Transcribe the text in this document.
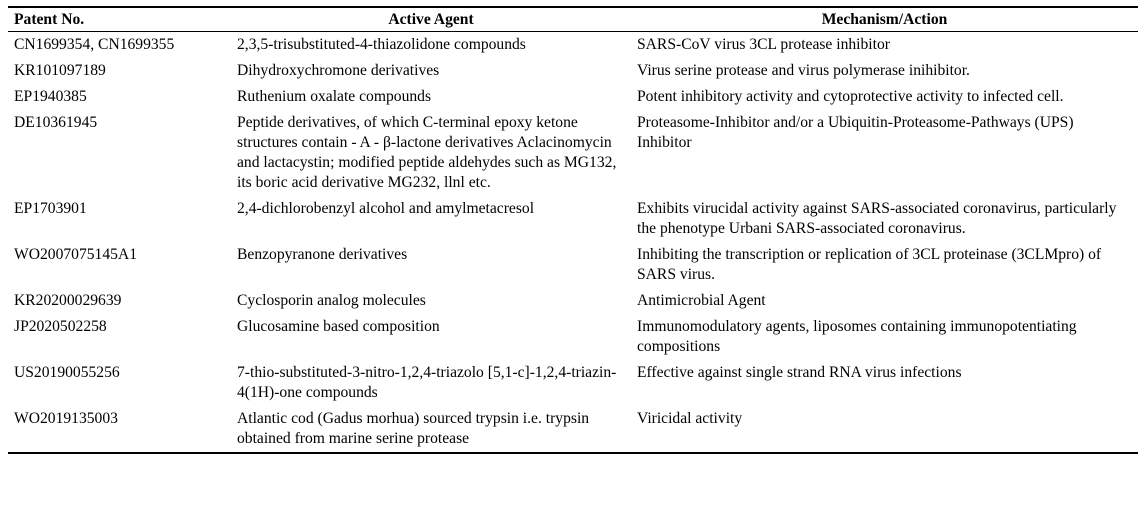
Patent No.	Active Agent	Mechanism/Action
CN1699354, CN1699355	2,3,5-trisubstituted-4-thiazolidone compounds	SARS-CoV virus 3CL protease inhibitor
KR101097189	Dihydroxychromone derivatives	Virus serine protease and virus polymerase inihibitor.
EP1940385	Ruthenium oxalate compounds	Potent inhibitory activity and cytoprotective activity to infected cell.
DE10361945	Peptide derivatives, of which C-terminal epoxy ketone structures contain - A - β-lactone derivatives Aclacinomycin and lactacystin; modified peptide aldehydes such as MG132, its boric acid derivative MG232, llnl etc.	Proteasome-Inhibitor and/or a Ubiquitin-Proteasome-Pathways (UPS) Inhibitor
EP1703901	2,4-dichlorobenzyl alcohol and amylmetacresol	Exhibits virucidal activity against SARS-associated coronavirus, particularly the phenotype Urbani SARS-associated coronavirus.
WO2007075145A1	Benzopyranone derivatives	Inhibiting the transcription or replication of 3CL proteinase (3CLMpro) of SARS virus.
KR20200029639	Cyclosporin analog molecules	Antimicrobial Agent
JP2020502258	Glucosamine based composition	Immunomodulatory agents, liposomes containing immunopotentiating compositions
US20190055256	7-thio-substituted-3-nitro-1,2,4-triazolo [5,1-c]-1,2,4-triazin-4(1H)-one compounds	Effective against single strand RNA virus infections
WO2019135003	Atlantic cod (Gadus morhua) sourced trypsin i.e. trypsin obtained from marine serine protease	Viricidal activity
